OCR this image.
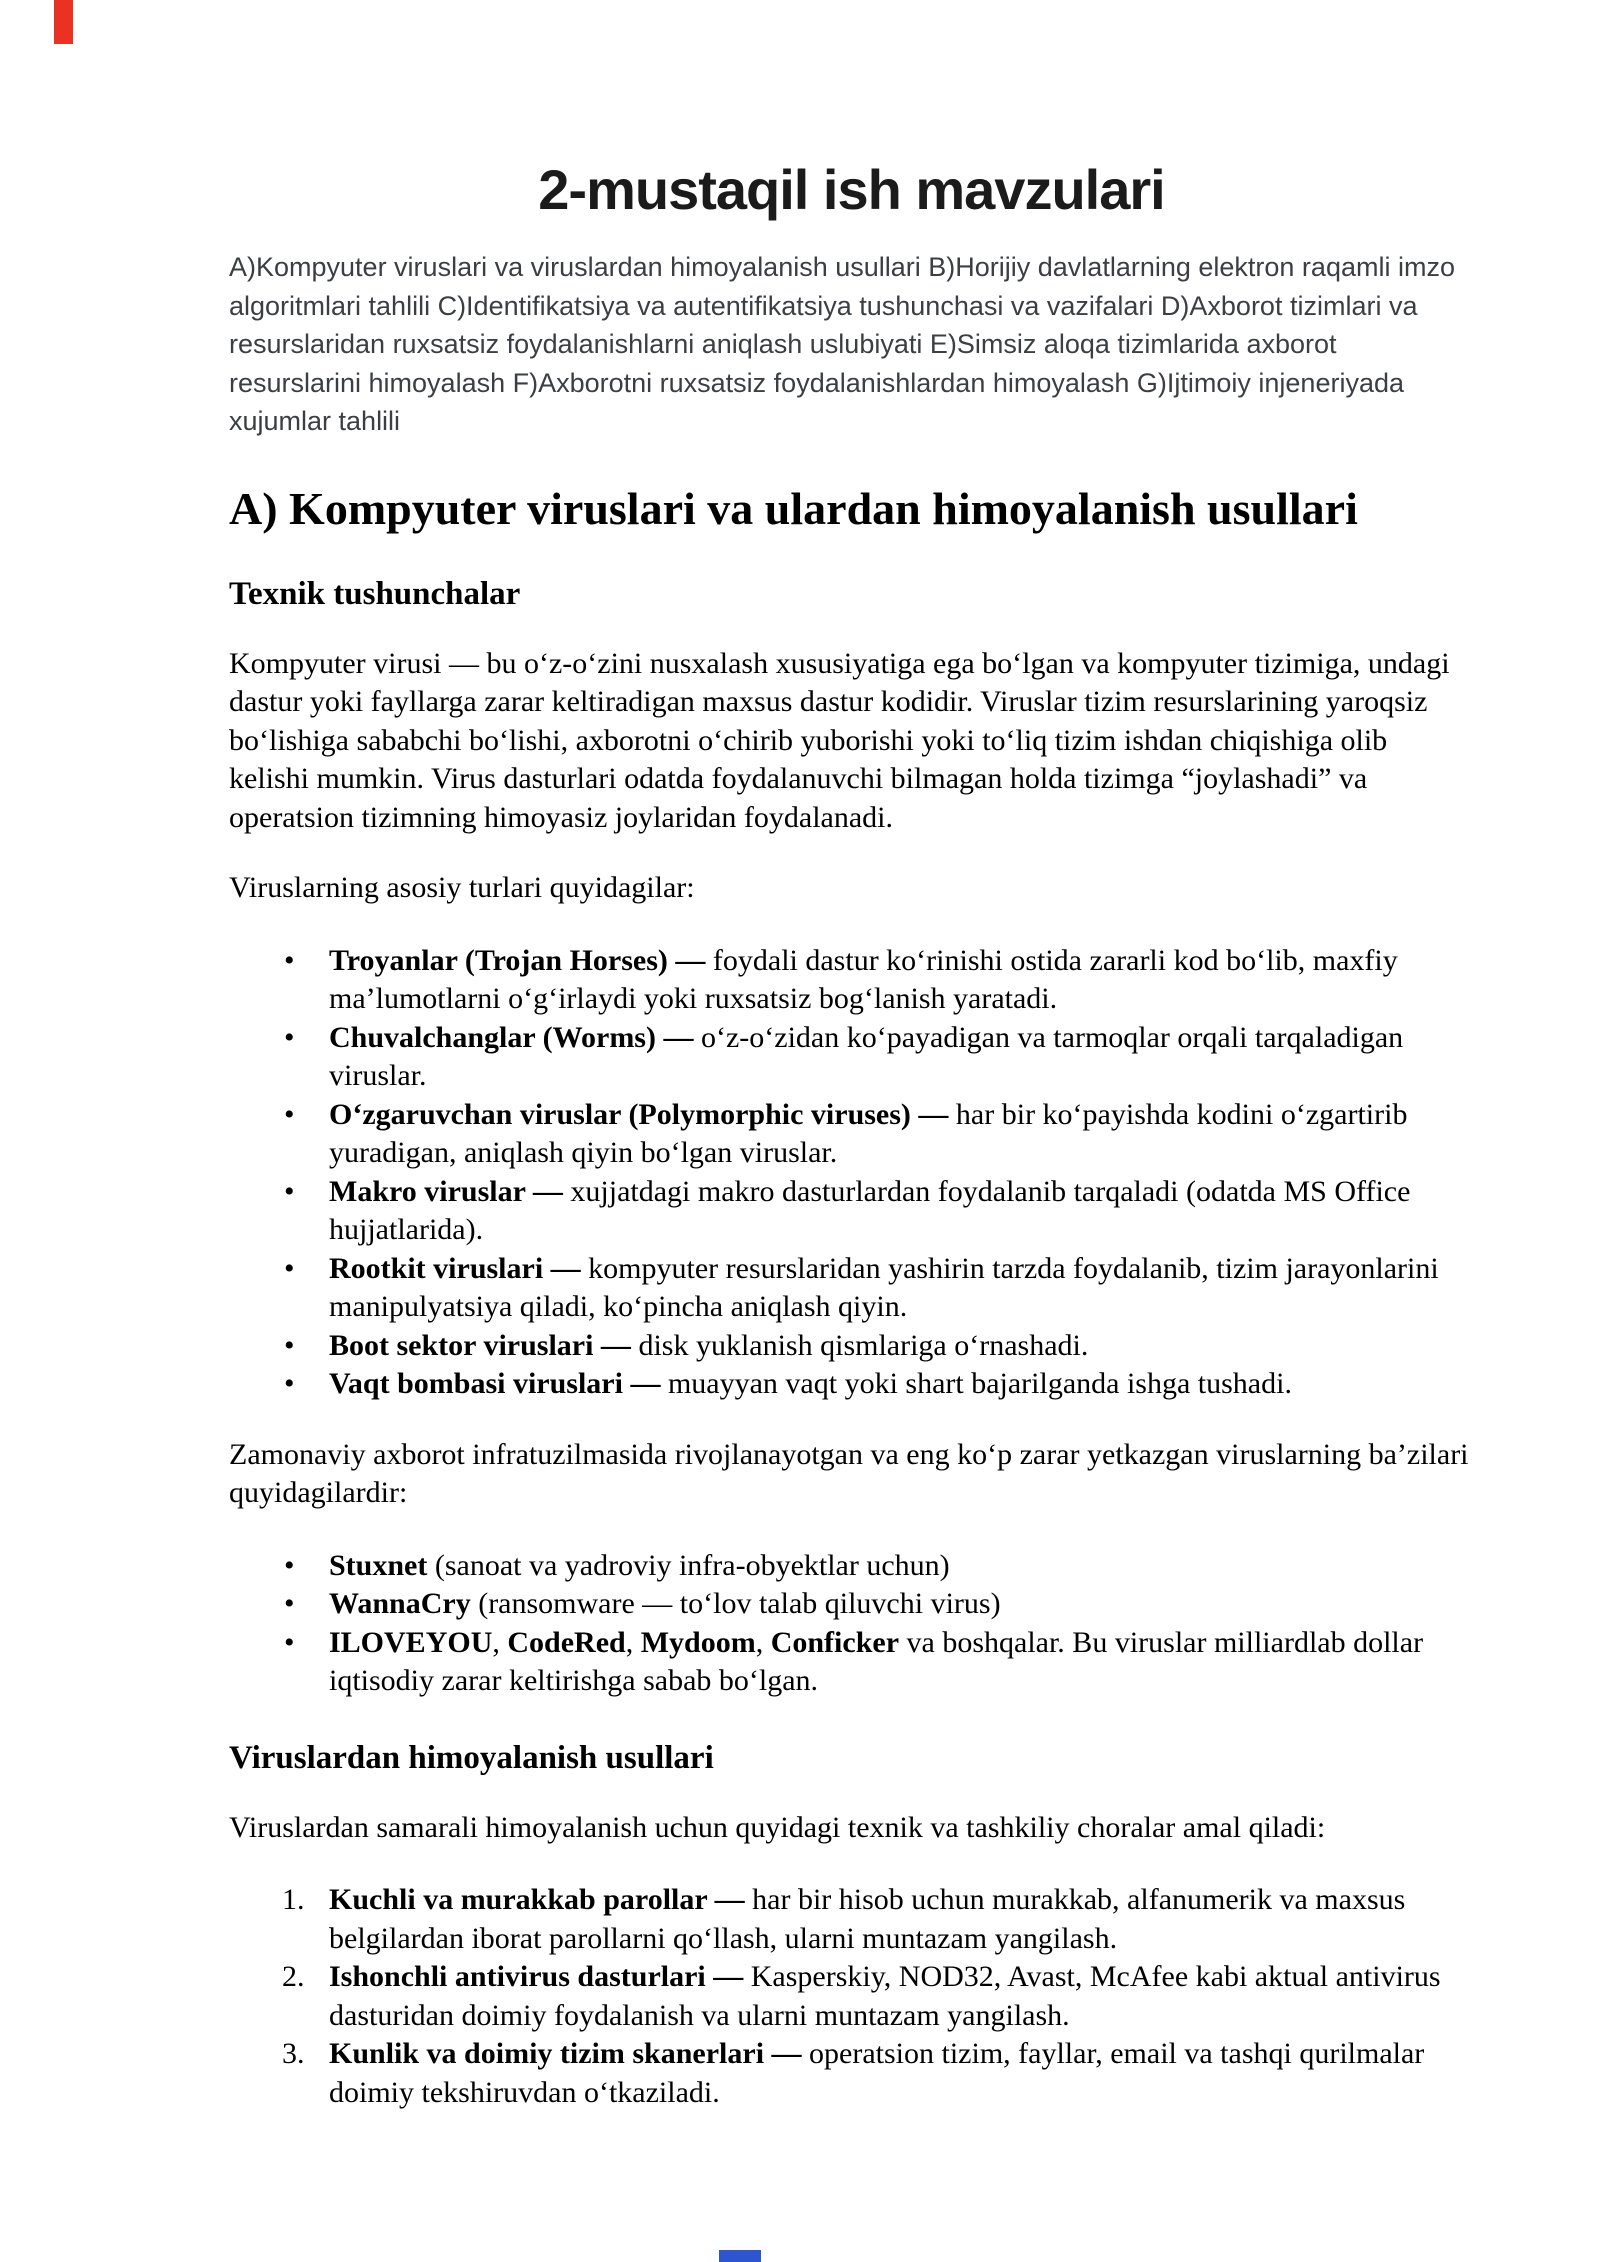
2-mustaqil ish mavzulari

A)Kompyuter viruslari va viruslardan himoyalanish usullari B)Horijiy davlatlarning elektron raqamli imzo algoritmlari tahlili C)Identifikatsiya va autentifikatsiya tushunchasi va vazifalari D)Axborot tizimlari va resurslaridan ruxsatsiz foydalanishlarni aniqlash uslubiyati E)Simsiz aloqa tizimlarida axborot resurslarini himoyalash F)Axborotni ruxsatsiz foydalanishlardan himoyalash G)Ijtimoiy injeneriyada xujumlar tahlili

A) Kompyuter viruslari va ulardan himoyalanish usullari
Texnik tushunchalar

Kompyuter virusi — bu o‘z-o‘zini nusxalash xususiyatiga ega bo‘lgan va kompyuter tizimiga, undagi dastur yoki fayllarga zarar keltiradigan maxsus dastur kodidir. Viruslar tizim resurslarining yaroqsiz bo‘lishiga sababchi bo‘lishi, axborotni o‘chirib yuborishi yoki to‘liq tizim ishdan chiqishiga olib kelishi mumkin. Virus dasturlari odatda foydalanuvchi bilmagan holda tizimga “joylashadi” va operatsion tizimning himoyasiz joylaridan foydalanadi.

Viruslarning asosiy turlari quyidagilar:

• Troyanlar (Trojan Horses) — foydali dastur ko‘rinishi ostida zararli kod bo‘lib, maxfiy ma’lumotlarni o‘g‘irlaydi yoki ruxsatsiz bog‘lanish yaratadi.
• Chuvalchanglar (Worms) — o‘z-o‘zidan ko‘payadigan va tarmoqlar orqali tarqaladigan viruslar.
• O‘zgaruvchan viruslar (Polymorphic viruses) — har bir ko‘payishda kodini o‘zgartirib yuradigan, aniqlash qiyin bo‘lgan viruslar.
• Makro viruslar — xujjatdagi makro dasturlardan foydalanib tarqaladi (odatda MS Office hujjatlarida).
• Rootkit viruslari — kompyuter resurslaridan yashirin tarzda foydalanib, tizim jarayonlarini manipulyatsiya qiladi, ko‘pincha aniqlash qiyin.
• Boot sektor viruslari — disk yuklanish qismlariga o‘rnashadi.
• Vaqt bombasi viruslari — muayyan vaqt yoki shart bajarilganda ishga tushadi.

Zamonaviy axborot infratuzilmasida rivojlanayotgan va eng ko‘p zarar yetkazgan viruslarning ba’zilari quyidagilardir:

• Stuxnet (sanoat va yadroviy infra-obyektlar uchun)
• WannaCry (ransomware — to‘lov talab qiluvchi virus)
• ILOVEYOU, CodeRed, Mydoom, Conficker va boshqalar. Bu viruslar milliardlab dollar iqtisodiy zarar keltirishga sabab bo‘lgan.
Viruslardan himoyalanish usullari

Viruslardan samarali himoyalanish uchun quyidagi texnik va tashkiliy choralar amal qiladi:

Kuchli va murakkab parollar — har bir hisob uchun murakkab, alfanumerik va maxsus belgilardan iborat parollarni qo‘llash, ularni muntazam yangilash.
Ishonchli antivirus dasturlari — Kasperskiy, NOD32, Avast, McAfee kabi aktual antivirus dasturidan doimiy foydalanish va ularni muntazam yangilash.
Kunlik va doimiy tizim skanerlari — operatsion tizim, fayllar, email va tashqi qurilmalar doimiy tekshiruvdan o‘tkaziladi.
